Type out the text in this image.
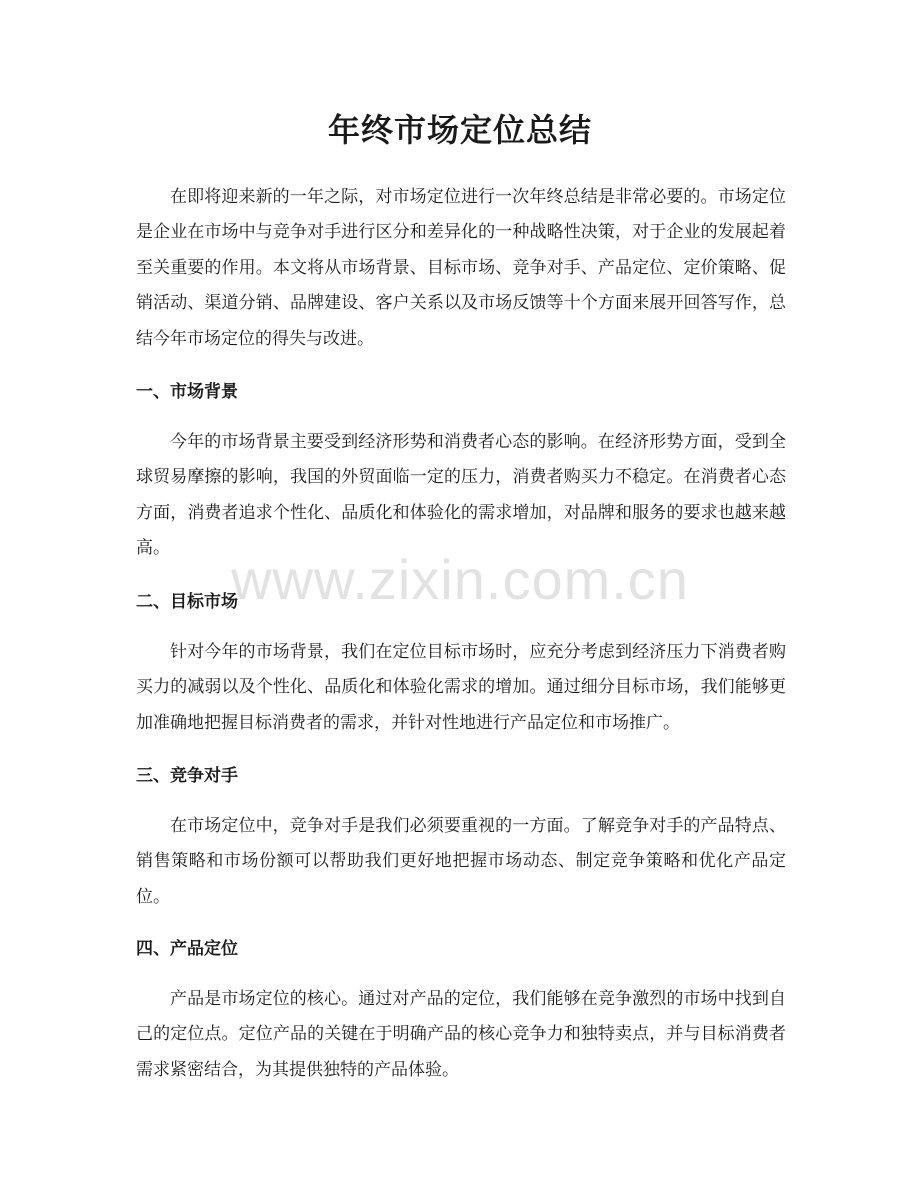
年终市场定位总结

在即将迎来新的一年之际，对市场定位进行一次年终总结是非常必要的。市场定位是企业在市场中与竞争对手进行区分和差异化的一种战略性决策，对于企业的发展起着至关重要的作用。本文将从市场背景、目标市场、竞争对手、产品定位、定价策略、促销活动、渠道分销、品牌建设、客户关系以及市场反馈等十个方面来展开回答写作，总结今年市场定位的得失与改进。

一、市场背景

今年的市场背景主要受到经济形势和消费者心态的影响。在经济形势方面，受到全球贸易摩擦的影响，我国的外贸面临一定的压力，消费者购买力不稳定。在消费者心态方面，消费者追求个性化、品质化和体验化的需求增加，对品牌和服务的要求也越来越高。

二、目标市场

针对今年的市场背景，我们在定位目标市场时，应充分考虑到经济压力下消费者购买力的减弱以及个性化、品质化和体验化需求的增加。通过细分目标市场，我们能够更加准确地把握目标消费者的需求，并针对性地进行产品定位和市场推广。

三、竞争对手

在市场定位中，竞争对手是我们必须要重视的一方面。了解竞争对手的产品特点、销售策略和市场份额可以帮助我们更好地把握市场动态、制定竞争策略和优化产品定位。

四、产品定位

产品是市场定位的核心。通过对产品的定位，我们能够在竞争激烈的市场中找到自己的定位点。定位产品的关键在于明确产品的核心竞争力和独特卖点，并与目标消费者需求紧密结合，为其提供独特的产品体验。

www.zixin.com.cn
